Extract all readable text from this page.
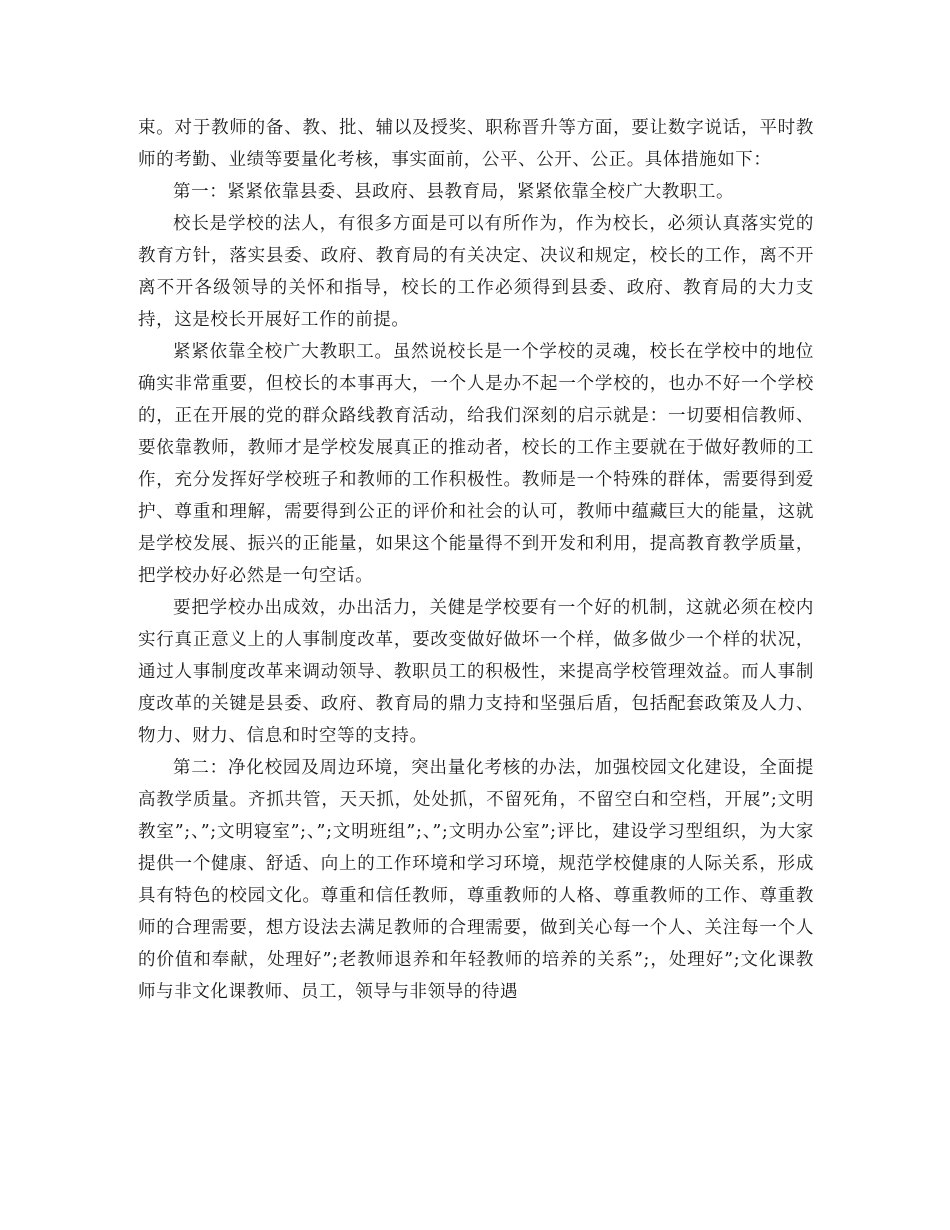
束。对于教师的备、教、批、辅以及授奖、职称晋升等方面，要让数字说话，平时教师的考勤、业绩等要量化考核，事实面前，公平、公开、公正。具体措施如下：

第一：紧紧依靠县委、县政府、县教育局，紧紧依靠全校广大教职工。

校长是学校的法人，有很多方面是可以有所作为，作为校长，必须认真落实党的教育方针，落实县委、政府、教育局的有关决定、决议和规定，校长的工作，离不开离不开各级领导的关怀和指导，校长的工作必须得到县委、政府、教育局的大力支持，这是校长开展好工作的前提。

紧紧依靠全校广大教职工。虽然说校长是一个学校的灵魂，校长在学校中的地位确实非常重要，但校长的本事再大，一个人是办不起一个学校的，也办不好一个学校的，正在开展的党的群众路线教育活动，给我们深刻的启示就是：一切要相信教师、要依靠教师，教师才是学校发展真正的推动者，校长的工作主要就在于做好教师的工作，充分发挥好学校班子和教师的工作积极性。教师是一个特殊的群体，需要得到爱护、尊重和理解，需要得到公正的评价和社会的认可，教师中蕴藏巨大的能量，这就是学校发展、振兴的正能量，如果这个能量得不到开发和利用，提高教育教学质量，把学校办好必然是一句空话。

要把学校办出成效，办出活力，关健是学校要有一个好的机制，这就必须在校内实行真正意义上的人事制度改革，要改变做好做坏一个样，做多做少一个样的状况，通过人事制度改革来调动领导、教职员工的积极性，来提高学校管理效益。而人事制度改革的关键是县委、政府、教育局的鼎力支持和坚强后盾，包括配套政策及人力、物力、财力、信息和时空等的支持。

第二：净化校园及周边环境，突出量化考核的办法，加强校园文化建设，全面提高教学质量。齐抓共管，天天抓，处处抓，不留死角，不留空白和空档，开展”;文明教室”;、”;文明寝室”;、”;文明班组”;、”;文明办公室”;评比，建设学习型组织，为大家提供一个健康、舒适、向上的工作环境和学习环境，规范学校健康的人际关系，形成具有特色的校园文化。尊重和信任教师，尊重教师的人格、尊重教师的工作、尊重教师的合理需要，想方设法去满足教师的合理需要，做到关心每一个人、关注每一个人的价值和奉献，处理好”;老教师退养和年轻教师的培养的关系”;，处理好”;文化课教师与非文化课教师、员工，领导与非领导的待遇
